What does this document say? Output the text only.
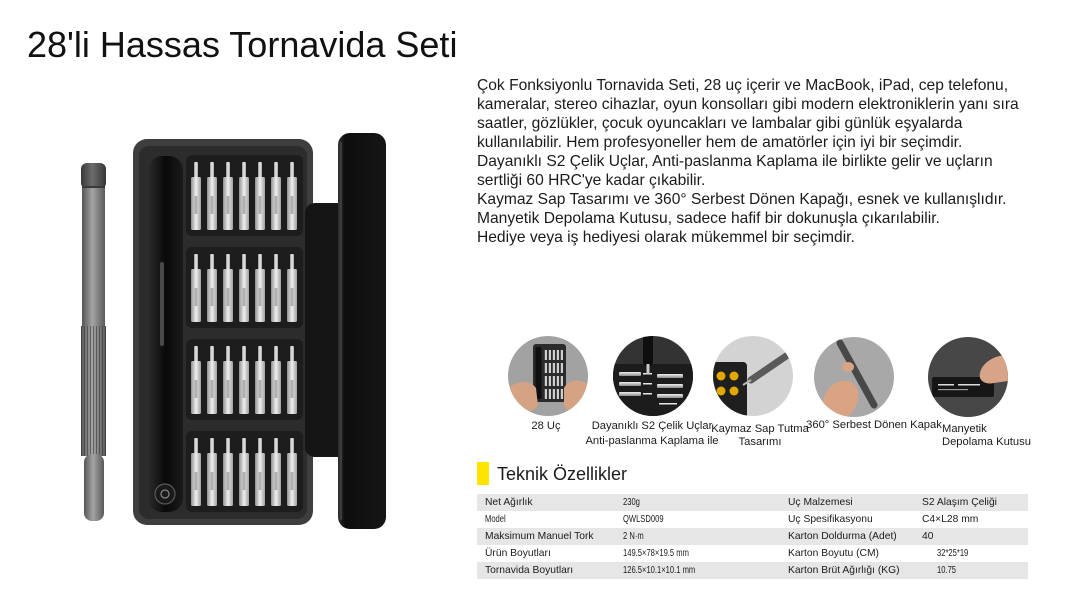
28'li Hassas Tornavida Seti
Çok Fonksiyonlu Tornavida Seti, 28 uç içerir ve MacBook, iPad, cep telefonu,
kameralar, stereo cihazlar, oyun konsolları gibi modern elektroniklerin yanı sıra
saatler, gözlükler, çocuk oyuncakları ve lambalar gibi günlük eşyalarda
kullanılabilir. Hem profesyoneller hem de amatörler için iyi bir seçimdir.
Dayanıklı S2 Çelik Uçlar, Anti-paslanma Kaplama ile birlikte gelir ve uçların
sertliği 60 HRC'ye kadar çıkabilir.
Kaymaz Sap Tasarımı ve 360° Serbest Dönen Kapağı, esnek ve kullanışlıdır.
Manyetik Depolama Kutusu, sadece hafif bir dokunuşla çıkarılabilir.
Hediye veya iş hediyesi olarak mükemmel bir seçimdir.
28 Uç	Dayanıklı S2 Çelik Uçlar
Anti-paslanma Kaplama ile
Kaymaz Sap Tutma
Tasarımı
360° Serbest Dönen Kapak Manyetik
Depolama Kutusu
Teknik Özellikler
Net Ağırlık	230g	Uç Malzemesi	S2 Alaşım Çeliği
Model	QWLSD009	Uç Spesifikasyonu	C4×L28 mm
Maksimum Manuel Tork	2 N·m	Karton Doldurma (Adet) 40
Ürün Boyutları	149.5×78×19.5 mm	Karton Boyutu (CM)	32*25*19
Tornavida Boyutları	126.5×10.1×10.1 mm	Karton Brüt Ağırlığı (KG)	10.75
